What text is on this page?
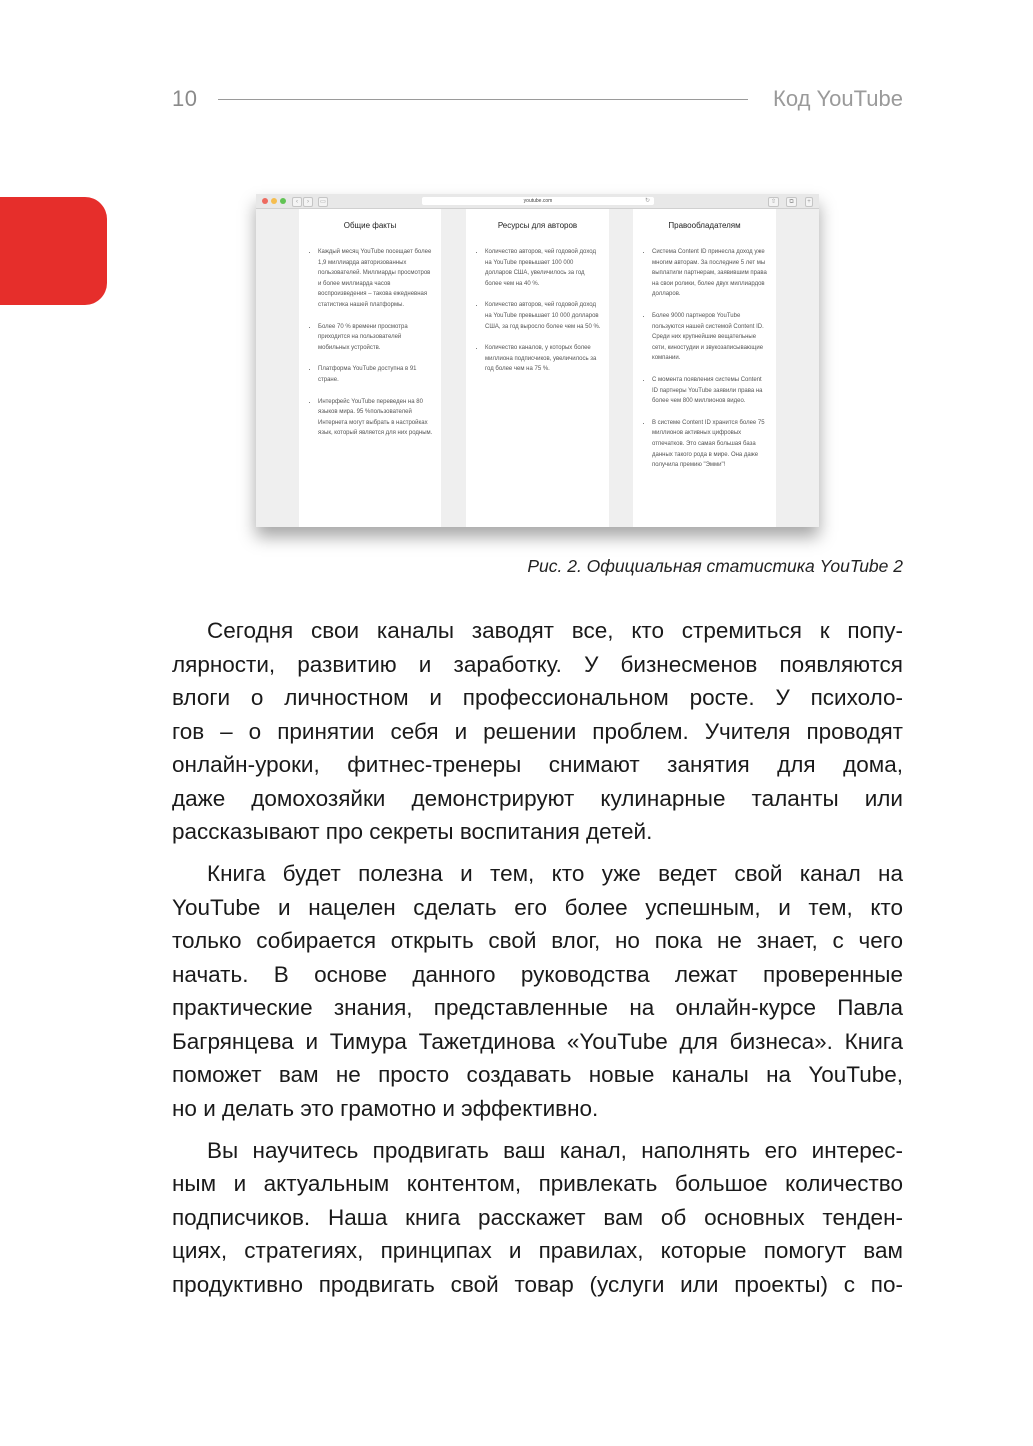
10	Код YouTube
‹	›	▭	youtube.com	↻	⇧	⧉	+
Общие факты
• Каждый месяц YouTube посещает более 1,9 миллиарда авторизованных пользователей. Миллиарды просмотров и более миллиарда часов воспроизведения – такова ежедневная статистика нашей платформы.
• Более 70 % времени просмотра приходится на пользователей мобильных устройств.
• Платформа YouTube доступна в 91 стране.
• Интерфейс YouTube переведен на 80 языков мира. 95 %пользователей Интернета могут выбрать в настройках язык, который является для них родным.
Ресурсы для авторов
• Количество авторов, чей годовой доход на YouTube превышает 100 000 долларов США, увеличилось за год более чем на 40 %.
• Количество авторов, чей годовой доход на YouTube превышает 10 000 долларов США, за год выросло более чем на 50 %.
• Количество каналов, у которых более миллиона подписчиков, увеличилось за год более чем на 75 %.
Правообладателям
• Система Content ID принесла доход уже многим авторам. За последние 5 лет мы выплатили партнерам, заявившим права на свои ролики, более двух миллиардов долларов.
• Более 9000 партнеров YouTube пользуются нашей системой Content ID. Среди них крупнейшие вещательные сети, киностудии и звукозаписывающие компании.
• С момента появления системы Content ID партнеры YouTube заявили права на более чем 800 миллионов видео.
• В системе Content ID хранится более 75 миллионов активных цифровых отпечатков. Это самая большая база данных такого рода в мире. Она даже получила премию "Эмми"!
Рис. 2. Официальная статистика YouTube 2

Сегодня свои каналы заводят все, кто стремиться к попу-
лярности, развитию и заработку. У бизнесменов появляются
влоги о личностном и профессиональном росте. У психоло-
гов – о принятии себя и решении проблем. Учителя проводят
онлайн-уроки, фитнес-тренеры снимают занятия для дома,
даже домохозяйки демонстрируют кулинарные таланты или
рассказывают про секреты воспитания детей.

Книга будет полезна и тем, кто уже ведет свой канал на
YouTube и нацелен сделать его более успешным, и тем, кто
только собирается открыть свой влог, но пока не знает, с чего
начать. В основе данного руководства лежат проверенные
практические знания, представленные на онлайн-курсе Павла
Багрянцева и Тимура Тажетдинова «YouTube для бизнеса». Книга
поможет вам не просто создавать новые каналы на YouTube,
но и делать это грамотно и эффективно.

Вы научитесь продвигать ваш канал, наполнять его интерес-
ным и актуальным контентом, привлекать большое количество
подписчиков. Наша книга расскажет вам об основных тенден-
циях, стратегиях, принципах и правилах, которые помогут вам
продуктивно продвигать свой товар (услуги или проекты) с по-
